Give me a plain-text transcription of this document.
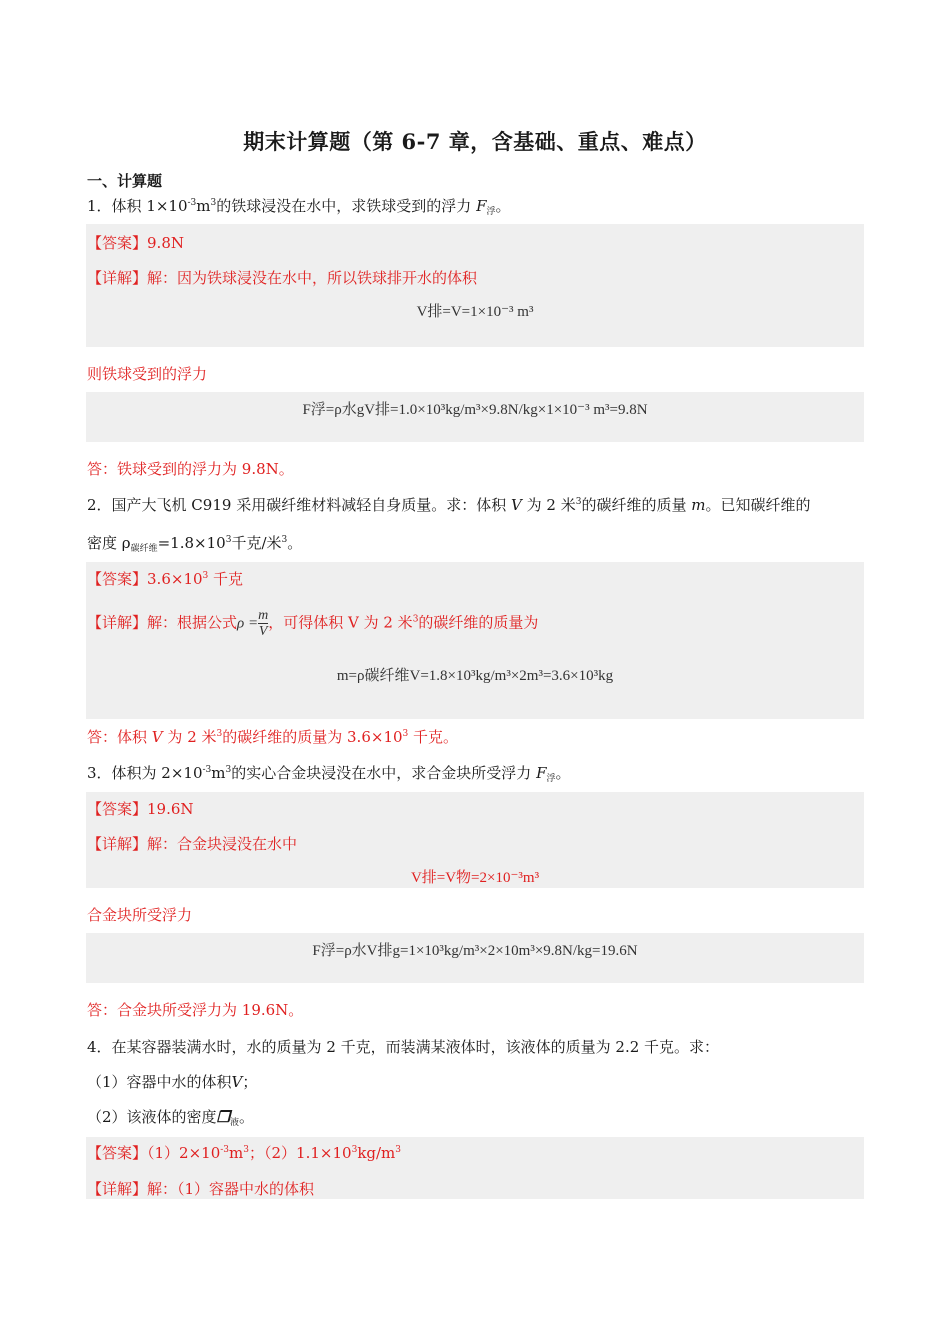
期末计算题（第 6-7 章，含基础、重点、难点）
一、计算题
1．体积 $1\times 10^{-3}m^3$的铁球浸没在水中，求铁球受到的浮力 $F_浮$。
【答案】9.8N
【详解】解：因为铁球浸没在水中，所以铁球排开水的体积
V排=V=1×10⁻³ m³
则铁球受到的浮力
F浮=ρ水gV排=1.0×10³kg/m³×9.8N/kg×1×10⁻³ m³=9.8N
答：铁球受到的浮力为 9.8N。
2．国产大飞机 C919 采用碳纤维材料减轻自身质量。求：体积 V 为 2 米$^3$的碳纤维的质量 m。已知碳纤维的
密度 $\rho_{碳纤维}=1.8\times 10^3$千克/米$^3$。
【答案】$3.6\times 10^3$ 千克
【详解】解：根据公式$\rho = \frac{m}{V}$ ，可得体积 V 为 2 米$^3$的碳纤维的质量为
m=ρ碳纤维V=1.8×10³kg/m³×2m³=3.6×10³kg
答：体积 V 为 2 米$^3$的碳纤维的质量为 $3.6\times 10^3$ 千克。
3．体积为 $2\times 10^{-3}m^3$的实心合金块浸没在水中，求合金块所受浮力 $F_浮$。
【答案】19.6N
【详解】解：合金块浸没在水中
V排=V物=2×10⁻³m³
合金块所受浮力
F浮=ρ水V排g=1×10³kg/m³×2×10m³×9.8N/kg=19.6N
答：合金块所受浮力为 19.6N。
4．在某容器装满水时，水的质量为 2 千克，而装满某液体时，该液体的质量为 2.2 千克。求：
（1）容器中水的体积V；
（2）该液体的密度$❒_液$。
【答案】$(1)2\times 10^{-3}m^3$；$(2)1.1\times 10^3kg/m^3$
【详解】解：（1）容器中水的体积
